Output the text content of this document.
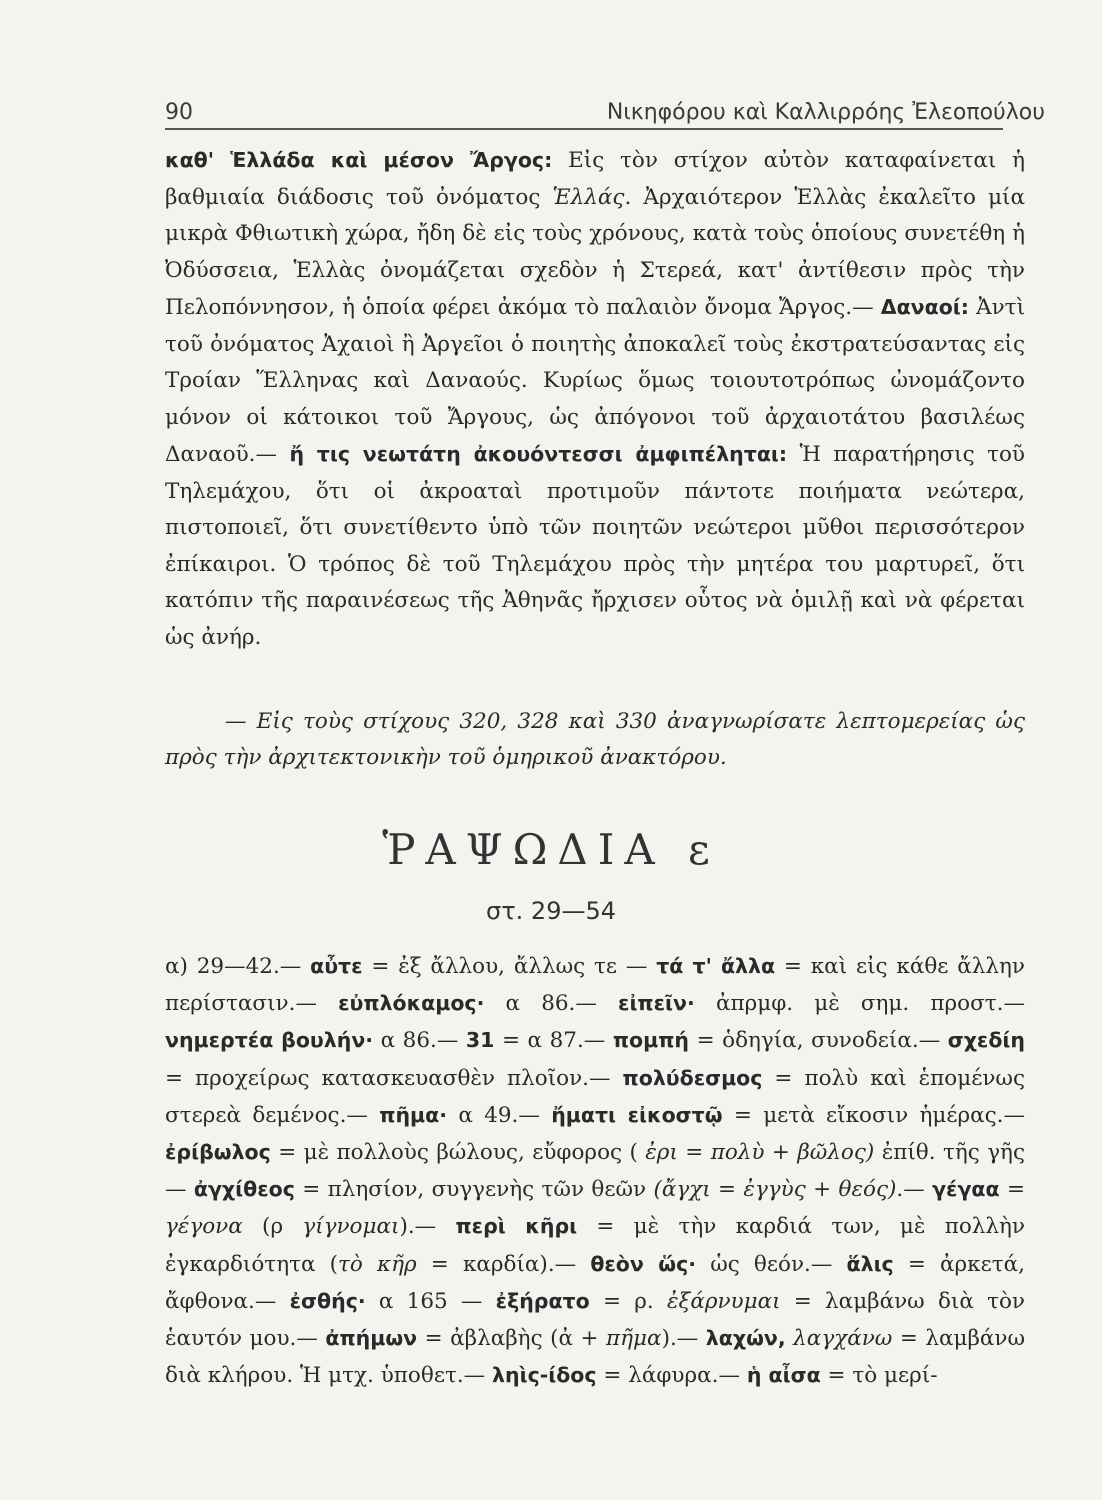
90	Νικηφόρου καὶ Καλλιρρόης Ἐλεοπούλου

καθ' Ἑλλάδα καὶ μέσον Ἄργος: Εἰς τὸν στίχον αὐτὸν καταφαίνεται ἡ βαθμιαία διάδοσις τοῦ ὀνόματος Ἑλλάς. Ἀρχαιότερον Ἑλλὰς ἐκαλεῖτο μία μικρὰ Φθιωτικὴ χώρα, ἤδη δὲ εἰς τοὺς χρόνους, κατὰ τοὺς ὁποίους συνετέθη ἡ Ὀδύσσεια, Ἑλλὰς ὀνομάζεται σχεδὸν ἡ Στερεά, κατ' ἀντίθεσιν πρὸς τὴν Πελοπόννησον, ἡ ὁποία φέρει ἀκόμα τὸ παλαιὸν ὄνομα Ἄργος.— Δαναοί: Ἀντὶ τοῦ ὀνόματος Ἀχαιοὶ ἢ Ἀργεῖοι ὁ ποιητὴς ἀποκαλεῖ τοὺς ἐκστρατεύσαντας εἰς Τροίαν Ἕλληνας καὶ Δαναούς. Κυρίως ὅμως τοιουτοτρόπως ὠνομάζοντο μόνον οἱ κάτοικοι τοῦ Ἄργους, ὡς ἀπόγονοι τοῦ ἀρχαιοτάτου βασιλέως Δαναοῦ.— ἤ τις νεωτάτη ἀκουόντεσσι ἀμφιπέληται: Ἡ παρατήρησις τοῦ Τηλεμάχου, ὅτι οἱ ἀκροαταὶ προτιμοῦν πάντοτε ποιήματα νεώτερα, πιστοποιεῖ, ὅτι συνετίθεντο ὑπὸ τῶν ποιητῶν νεώτεροι μῦθοι περισσότερον ἐπίκαιροι. Ὁ τρόπος δὲ τοῦ Τηλεμάχου πρὸς τὴν μητέρα του μαρτυρεῖ, ὅτι κατόπιν τῆς παραινέσεως τῆς Ἀθηνᾶς ἤρχισεν οὗτος νὰ ὁμιλῇ καὶ νὰ φέρεται ὡς ἀνήρ.

— Εἰς τοὺς στίχους 320, 328 καὶ 330 ἀναγνωρίσατε λεπτομερείας ὡς πρὸς τὴν ἀρχιτεκτονικὴν τοῦ ὁμηρικοῦ ἀνακτόρου.

ῬΑΨΩΔΙΑ ε
στ. 29—54

α) 29—42.— αὖτε = ἐξ ἄλλου, ἄλλως τε — τά τ' ἄλλα = καὶ εἰς κάθε ἄλλην περίστασιν.— εὐπλόκαμος· α 86.— εἰπεῖν· ἀπρμφ. μὲ σημ. προστ.— νημερτέα βουλήν· α 86.— 31 = α 87.— πομπή = ὁδηγία, συνοδεία.— σχεδίη = προχείρως κατασκευασθὲν πλοῖον.— πολύδεσμος = πολὺ καὶ ἑπομένως στερεὰ δεμένος.— πῆμα· α 49.— ἤματι εἰκοστῷ = μετὰ εἴκοσιν ἡμέρας.— ἐρίβωλος = μὲ πολλοὺς βώλους, εὔφορος ( ἐρι = πολὺ + βῶλος) ἐπίθ. τῆς γῆς — ἀγχίθεος = πλησίον, συγγενὴς τῶν θεῶν (ἄγχι = ἐγγὺς + θεός).— γέγαα = γέγονα (ρ γίγνομαι).— περὶ κῆρι = μὲ τὴν καρδιά των, μὲ πολλὴν ἐγκαρδιότητα (τὸ κῆρ = καρδία).— θεὸν ὥς· ὡς θεόν.— ἅλις = ἀρκετά, ἄφθονα.— ἐσθής· α 165 — ἐξήρατο = ρ. ἐξάρνυμαι = λαμβάνω διὰ τὸν ἑαυτόν μου.— ἀπήμων = ἀβλαβὴς (ἀ + πῆμα).— λαχών, λαγχάνω = λαμβάνω διὰ κλήρου. Ἡ μτχ. ὑποθετ.— ληὶς-ίδος = λάφυρα.— ἡ αἶσα = τὸ μερί-
